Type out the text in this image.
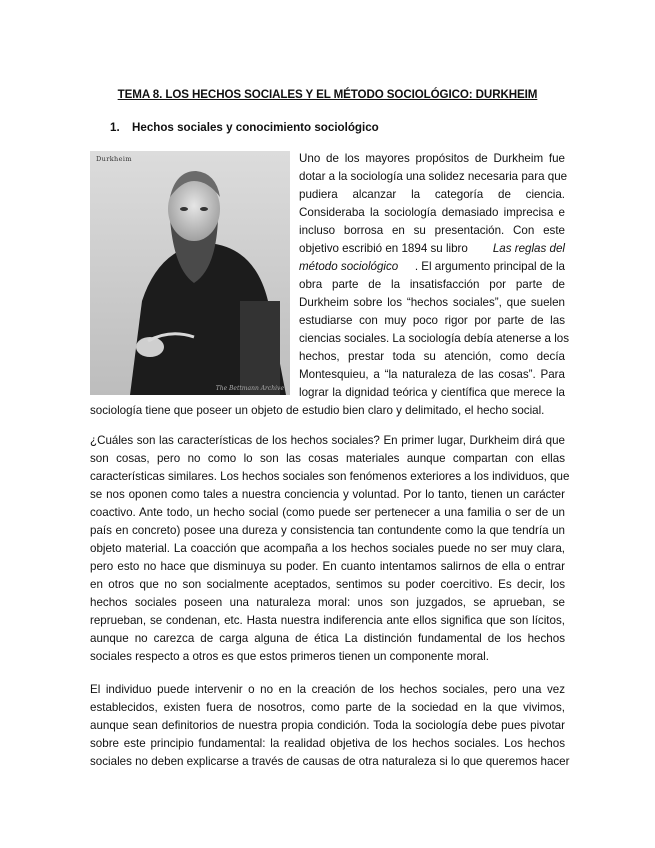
TEMA 8. LOS HECHOS SOCIALES Y EL MÉTODO SOCIOLÓGICO: DURKHEIM
1. Hechos sociales y conocimiento sociológico
Durkheim
The Bettmann Archive
Uno de los mayores propósitos de Durkheim fue
dotar a la sociología una solidez necesaria para que
pudiera alcanzar la categoría de ciencia.
Consideraba la sociología demasiado imprecisa e
incluso borrosa en su presentación. Con este
objetivo escribió en 1894 su libro Las reglas del
método sociológico . El argumento principal de la
obra parte de la insatisfacción por parte de
Durkheim sobre los “hechos sociales”, que suelen
estudiarse con muy poco rigor por parte de las
ciencias sociales. La sociología debía atenerse a los
hechos, prestar toda su atención, como decía
Montesquieu, a “la naturaleza de las cosas”. Para
lograr la dignidad teórica y científica que merece la
sociología tiene que poseer un objeto de estudio bien claro y delimitado, el hecho social.
¿Cuáles son las características de los hechos sociales? En primer lugar, Durkheim dirá que
son cosas, pero no como lo son las cosas materiales aunque compartan con ellas
características similares. Los hechos sociales son fenómenos exteriores a los individuos, que
se nos oponen como tales a nuestra conciencia y voluntad. Por lo tanto, tienen un carácter
coactivo. Ante todo, un hecho social (como puede ser pertenecer a una familia o ser de un
país en concreto) posee una dureza y consistencia tan contundente como la que tendría un
objeto material. La coacción que acompaña a los hechos sociales puede no ser muy clara,
pero esto no hace que disminuya su poder. En cuanto intentamos salirnos de ella o entrar
en otros que no son socialmente aceptados, sentimos su poder coercitivo. Es decir, los
hechos sociales poseen una naturaleza moral: unos son juzgados, se aprueban, se
reprueban, se condenan, etc. Hasta nuestra indiferencia ante ellos significa que son lícitos,
aunque no carezca de carga alguna de ética La distinción fundamental de los hechos
sociales respecto a otros es que estos primeros tienen un componente moral.
El individuo puede intervenir o no en la creación de los hechos sociales, pero una vez
establecidos, existen fuera de nosotros, como parte de la sociedad en la que vivimos,
aunque sean definitorios de nuestra propia condición. Toda la sociología debe pues pivotar
sobre este principio fundamental: la realidad objetiva de los hechos sociales. Los hechos
sociales no deben explicarse a través de causas de otra naturaleza si lo que queremos hacer
